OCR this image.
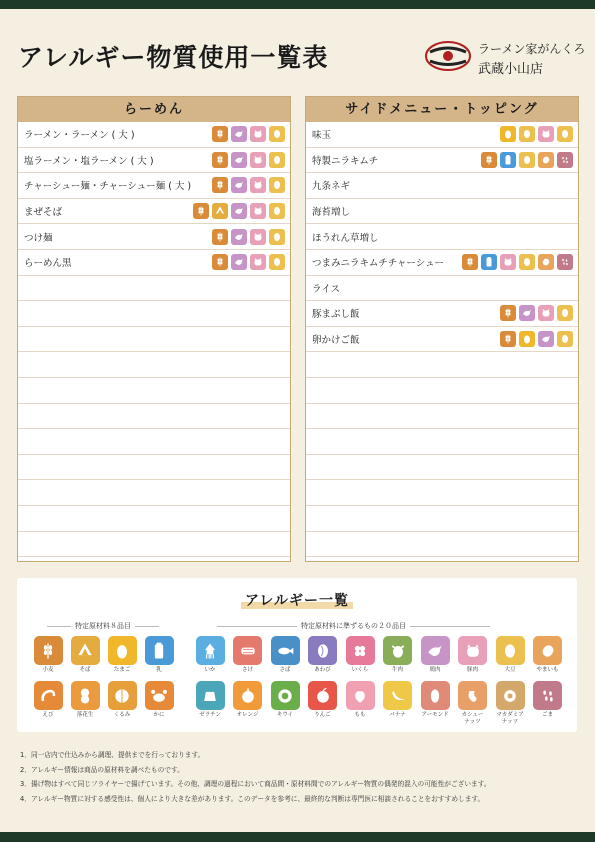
アレルギー物質使用一覧表	ラーメン家がんくろ
武蔵小山店
らーめん
ラーメン・ラーメン ( 大 )
塩ラーメン・塩ラーメン ( 大 )
チャーシュー麺・チャーシュー麺 ( 大 )
まぜそば
つけ麺
らーめん黒
サイドメニュー・トッピング
味玉
特製ニラキムチ
九条ネギ
海苔増し
ほうれん草増し
つまみニラキムチチャーシュー
ライス
豚まぶし飯
卵かけご飯
アレルギー一覧
特定原材料８品目	特定原材料に準ずるもの２０品目
小麦	そば	たまご	乳
えび	落花生	くるみ	かに
いか	さけ	さば	あわび	いくら	牛肉	鶏肉	豚肉	大豆	やまいも
ゼラチン	オレンジ	キウイ	りんご	もも	バナナ	アーモンド	カシュー
ナッツ
マカダミア
ナッツ
ごま
1．同一店内で仕込みから調理、提供までを行っております。
2．アレルギー情報は商品の原材料を調べたものです。
3．揚げ物はすべて同じフライヤーで揚げています。その他、調理の過程において商品間・原材料間でのアレルギー物質の偶発的混入の可能性がございます。
4．アレルギー物質に対する感受性は、個人により大きな差があります。このデータを参考に、最終的な判断は専門医に相談されることをおすすめします。
